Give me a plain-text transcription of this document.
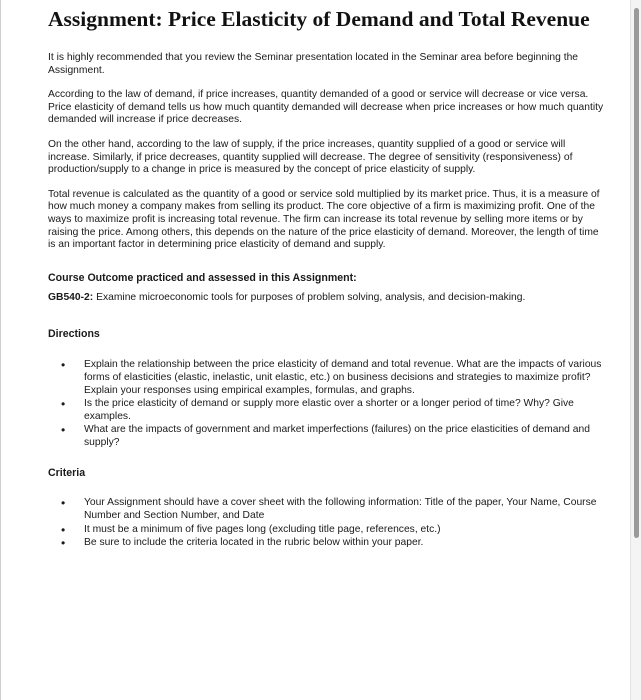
Assignment: Price Elasticity of Demand and Total Revenue

It is highly recommended that you review the Seminar presentation located in the Seminar area before beginning the Assignment.

According to the law of demand, if price increases, quantity demanded of a good or service will decrease or vice versa. Price elasticity of demand tells us how much quantity demanded will decrease when price increases or how much quantity demanded will increase if price decreases.

On the other hand, according to the law of supply, if the price increases, quantity supplied of a good or service will increase. Similarly, if price decreases, quantity supplied will decrease. The degree of sensitivity (responsiveness) of production/supply to a change in price is measured by the concept of price elasticity of supply.

Total revenue is calculated as the quantity of a good or service sold multiplied by its market price. Thus, it is a measure of how much money a company makes from selling its product. The core objective of a firm is maximizing profit. One of the ways to maximize profit is increasing total revenue. The firm can increase its total revenue by selling more items or by raising the price. Among others, this depends on the nature of the price elasticity of demand. Moreover, the length of time is an important factor in determining price elasticity of demand and supply.

Course Outcome practiced and assessed in this Assignment:
GB540-2: Examine microeconomic tools for purposes of problem solving, analysis, and decision-making.
Directions
• Explain the relationship between the price elasticity of demand and total revenue. What are the impacts of various forms of elasticities (elastic, inelastic, unit elastic, etc.) on business decisions and strategies to maximize profit? Explain your responses using empirical examples, formulas, and graphs.
• Is the price elasticity of demand or supply more elastic over a shorter or a longer period of time? Why? Give examples.
• What are the impacts of government and market imperfections (failures) on the price elasticities of demand and supply?
Criteria
• Your Assignment should have a cover sheet with the following information: Title of the paper, Your Name, Course Number and Section Number, and Date
• It must be a minimum of five pages long (excluding title page, references, etc.)
• Be sure to include the criteria located in the rubric below within your paper.
